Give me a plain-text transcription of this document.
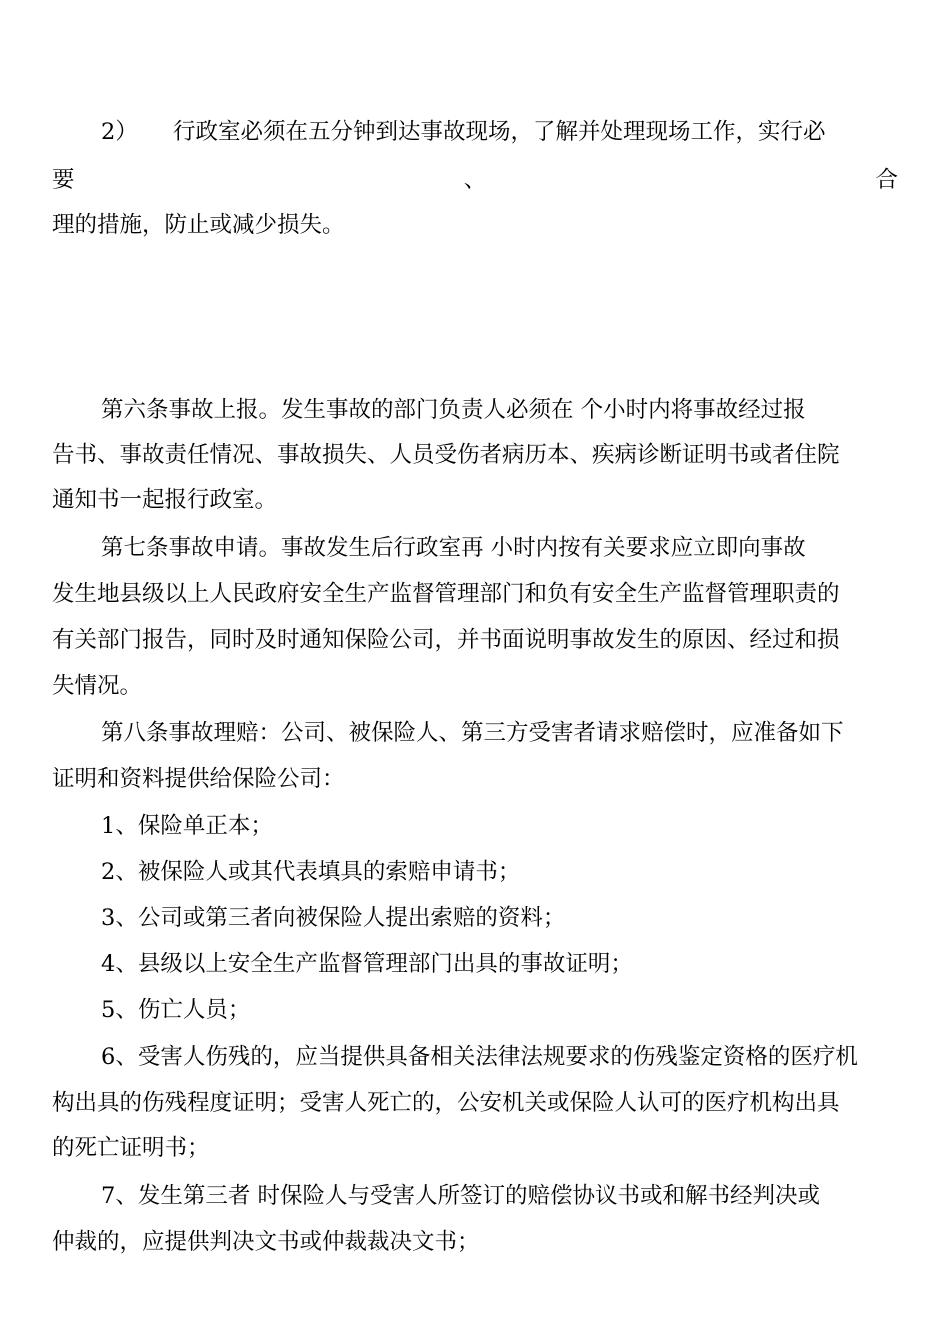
2） 行政室必须在五分钟到达事故现场，了解并处理现场工作，实行必
要	、	合
理的措施，防止或减少损失。
第六条事故上报。发生事故的部门负责人必须在 个小时内将事故经过报
告书、事故责任情况、事故损失、人员受伤者病历本、疾病诊断证明书或者住院
通知书一起报行政室。
第七条事故申请。事故发生后行政室再 小时内按有关要求应立即向事故
发生地县级以上人民政府安全生产监督管理部门和负有安全生产监督管理职责的
有关部门报告，同时及时通知保险公司，并书面说明事故发生的原因、经过和损
失情况。
第八条事故理赔：公司、被保险人、第三方受害者请求赔偿时，应准备如下
证明和资料提供给保险公司：
1、保险单正本；
2、被保险人或其代表填具的索赔申请书；
3、公司或第三者向被保险人提出索赔的资料；
4、县级以上安全生产监督管理部门出具的事故证明；
5、伤亡人员；
6、受害人伤残的，应当提供具备相关法律法规要求的伤残鉴定资格的医疗机
构出具的伤残程度证明；受害人死亡的，公安机关或保险人认可的医疗机构出具
的死亡证明书；
7、发生第三者 时保险人与受害人所签订的赔偿协议书或和解书经判决或
仲裁的，应提供判决文书或仲裁裁决文书；
